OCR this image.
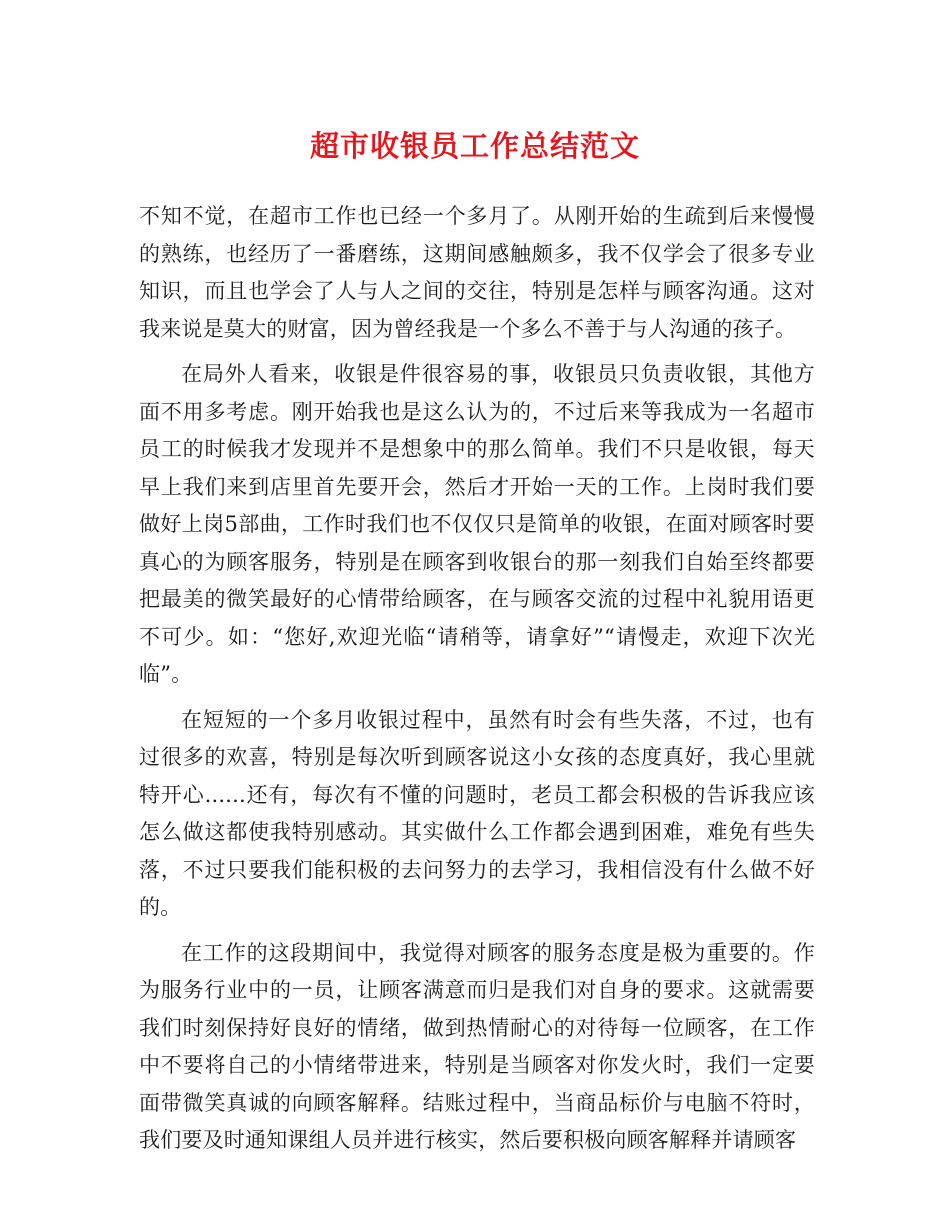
超市收银员工作总结范文

不知不觉，在超市工作也已经一个多月了。从刚开始的生疏到后来慢慢的熟练，也经历了一番磨练，这期间感触颇多，我不仅学会了很多专业知识，而且也学会了人与人之间的交往，特别是怎样与顾客沟通。这对我来说是莫大的财富，因为曾经我是一个多么不善于与人沟通的孩子。

在局外人看来，收银是件很容易的事，收银员只负责收银，其他方面不用多考虑。刚开始我也是这么认为的，不过后来等我成为一名超市员工的时候我才发现并不是想象中的那么简单。我们不只是收银，每天早上我们来到店里首先要开会，然后才开始一天的工作。上岗时我们要做好上岗5部曲，工作时我们也不仅仅只是简单的收银，在面对顾客时要真心的为顾客服务，特别是在顾客到收银台的那一刻我们自始至终都要把最美的微笑最好的心情带给顾客，在与顾客交流的过程中礼貌用语更不可少。如：“您好,欢迎光临“请稍等，请拿好”“请慢走，欢迎下次光临”。

在短短的一个多月收银过程中，虽然有时会有些失落，不过，也有过很多的欢喜，特别是每次听到顾客说这小女孩的态度真好，我心里就特开心......还有，每次有不懂的问题时，老员工都会积极的告诉我应该怎么做这都使我特别感动。其实做什么工作都会遇到困难，难免有些失落，不过只要我们能积极的去问努力的去学习，我相信没有什么做不好的。

在工作的这段期间中，我觉得对顾客的服务态度是极为重要的。作为服务行业中的一员，让顾客满意而归是我们对自身的要求。这就需要我们时刻保持好良好的情绪，做到热情耐心的对待每一位顾客，在工作中不要将自己的小情绪带进来，特别是当顾客对你发火时，我们一定要面带微笑真诚的向顾客解释。结账过程中，当商品标价与电脑不符时，我们要及时通知课组人员并进行核实，然后要积极向顾客解释并请顾客
